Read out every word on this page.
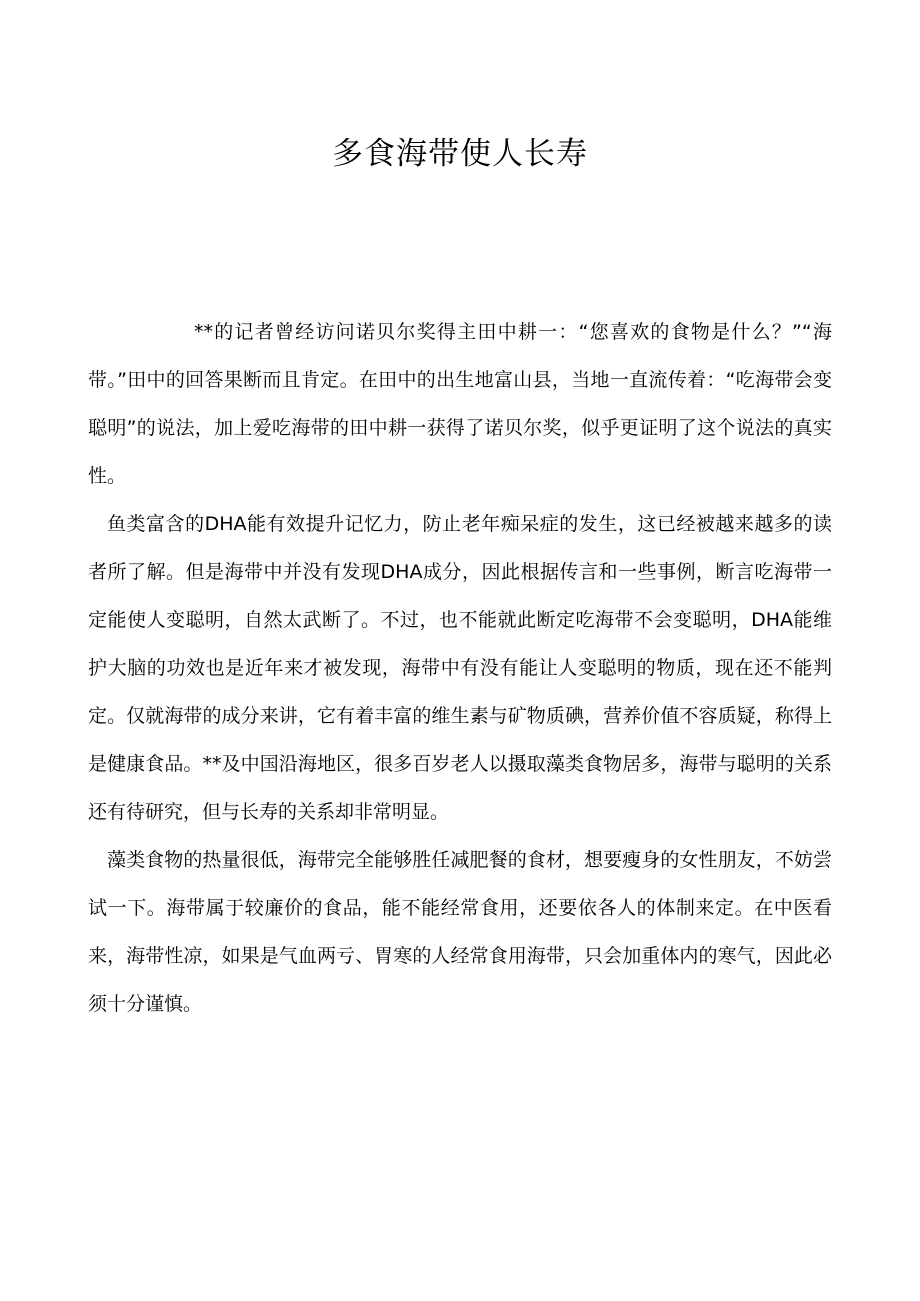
多食海带使人长寿

**的记者曾经访问诺贝尔奖得主田中耕一：“您喜欢的食物是什么？”“海带。”田中的回答果断而且肯定。在田中的出生地富山县，当地一直流传着：“吃海带会变聪明”的说法，加上爱吃海带的田中耕一获得了诺贝尔奖，似乎更证明了这个说法的真实性。

鱼类富含的DHA能有效提升记忆力，防止老年痴呆症的发生，这已经被越来越多的读者所了解。但是海带中并没有发现DHA成分，因此根据传言和一些事例，断言吃海带一定能使人变聪明，自然太武断了。不过，也不能就此断定吃海带不会变聪明，DHA能维护大脑的功效也是近年来才被发现，海带中有没有能让人变聪明的物质，现在还不能判定。仅就海带的成分来讲，它有着丰富的维生素与矿物质碘，营养价值不容质疑，称得上是健康食品。**及中国沿海地区，很多百岁老人以摄取藻类食物居多，海带与聪明的关系还有待研究，但与长寿的关系却非常明显。

藻类食物的热量很低，海带完全能够胜任减肥餐的食材，想要瘦身的女性朋友，不妨尝试一下。海带属于较廉价的食品，能不能经常食用，还要依各人的体制来定。在中医看来，海带性凉，如果是气血两亏、胃寒的人经常食用海带，只会加重体内的寒气，因此必须十分谨慎。
